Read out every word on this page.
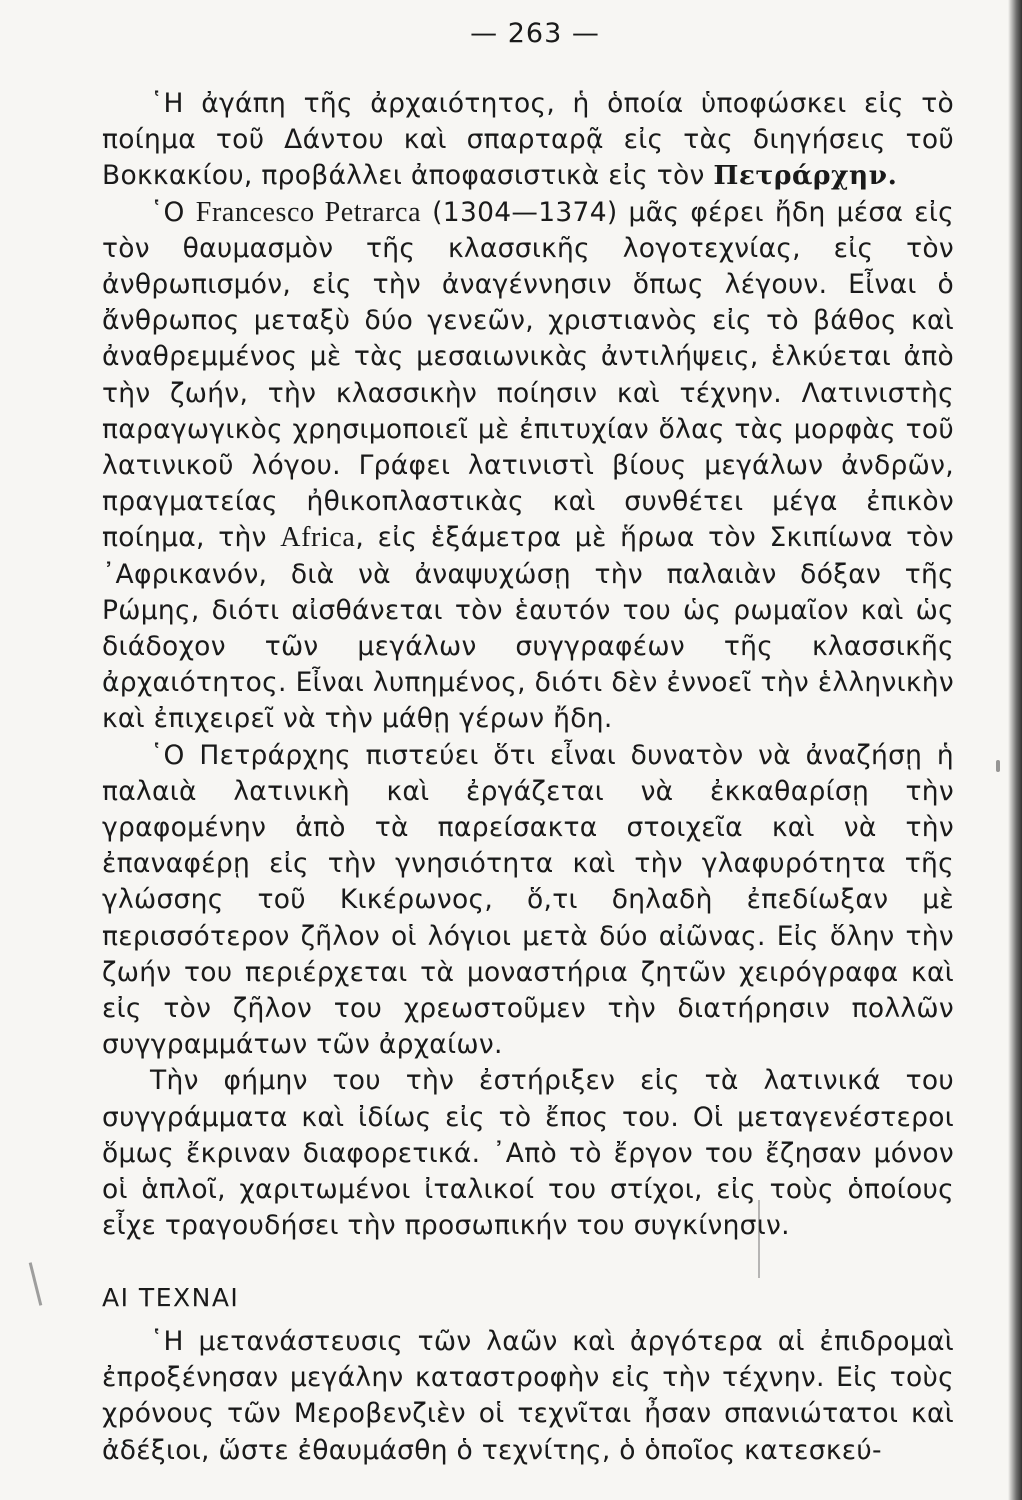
— 263 —

῾Η ἀγάπη τῆς ἀρχαιότητος, ἡ ὁποία ὑποφώσκει εἰς τὸ ποίημα τοῦ Δάντου καὶ σπαρταρᾷ εἰς τὰς διηγήσεις τοῦ Βοκκακίου, προβάλλει ἀποφασιστικὰ εἰς τὸν Πετράρχην.

῾Ο Francesco Petrarca (1304—1374) μᾶς φέρει ἤδη μέσα εἰς τὸν θαυμασμὸν τῆς κλασσικῆς λογοτεχνίας, εἰς τὸν ἀνθρωπισμόν, εἰς τὴν ἀναγέννησιν ὅπως λέγουν. Εἶναι ὁ ἄνθρωπος μεταξὺ δύο γενεῶν, χριστιανὸς εἰς τὸ βάθος καὶ ἀναθρεμμένος μὲ τὰς μεσαιωνικὰς ἀντιλήψεις, ἑλκύεται ἀπὸ τὴν ζωήν, τὴν κλασσικὴν ποίησιν καὶ τέχνην. Λατινιστὴς παραγωγικὸς χρησιμοποιεῖ μὲ ἐπιτυχίαν ὅλας τὰς μορφὰς τοῦ λατινικοῦ λόγου. Γράφει λατινιστὶ βίους μεγάλων ἀνδρῶν, πραγματείας ἠθικοπλαστικὰς καὶ συνθέτει μέγα ἐπικὸν ποίημα, τὴν Africa, εἰς ἑξάμετρα μὲ ἥρωα τὸν Σκιπίωνα τὸν ᾿Αφρικανόν, διὰ νὰ ἀναψυχώσῃ τὴν παλαιὰν δόξαν τῆς Ρώμης, διότι αἰσθάνεται τὸν ἑαυτόν του ὡς ρωμαῖον καὶ ὡς διάδοχον τῶν μεγάλων συγγραφέων τῆς κλασσικῆς ἀρχαιότητος. Εἶναι λυπημένος, διότι δὲν ἐννοεῖ τὴν ἑλληνικὴν καὶ ἐπιχειρεῖ νὰ τὴν μάθῃ γέρων ἤδη.

῾Ο Πετράρχης πιστεύει ὅτι εἶναι δυνατὸν νὰ ἀναζήσῃ ἡ παλαιὰ λατινικὴ καὶ ἐργάζεται νὰ ἐκκαθαρίσῃ τὴν γραφομένην ἀπὸ τὰ παρείσακτα στοιχεῖα καὶ νὰ τὴν ἐπαναφέρῃ εἰς τὴν γνησιότητα καὶ τὴν γλαφυρότητα τῆς γλώσσης τοῦ Κικέρωνος, ὅ,τι δηλαδὴ ἐπεδίωξαν μὲ περισσότερον ζῆλον οἱ λόγιοι μετὰ δύο αἰῶνας. Εἰς ὅλην τὴν ζωήν του περιέρχεται τὰ μοναστήρια ζητῶν χειρόγραφα καὶ εἰς τὸν ζῆλον του χρεωστοῦμεν τὴν διατήρησιν πολλῶν συγγραμμάτων τῶν ἀρχαίων.

Τὴν φήμην του τὴν ἐστήριξεν εἰς τὰ λατινικά του συγγράμματα καὶ ἰδίως εἰς τὸ ἔπος του. Οἱ μεταγενέστεροι ὅμως ἔκριναν διαφορετικά. ᾿Απὸ τὸ ἔργον του ἔζησαν μόνον οἱ ἁπλοῖ, χαριτωμένοι ἰταλικοί του στίχοι, εἰς τοὺς ὁποίους εἶχε τραγουδήσει τὴν προσωπικήν του συγκίνησιν.

ΑΙ ΤΕΧΝΑΙ

῾Η μετανάστευσις τῶν λαῶν καὶ ἀργότερα αἱ ἐπιδρομαὶ ἐπροξένησαν μεγάλην καταστροφὴν εἰς τὴν τέχνην. Εἰς τοὺς χρόνους τῶν Μεροβενζιὲν οἱ τεχνῖται ἦσαν σπανιώτατοι καὶ ἀδέξιοι, ὥστε ἐθαυμάσθη ὁ τεχνίτης, ὁ ὁποῖος κατεσκεύ-
